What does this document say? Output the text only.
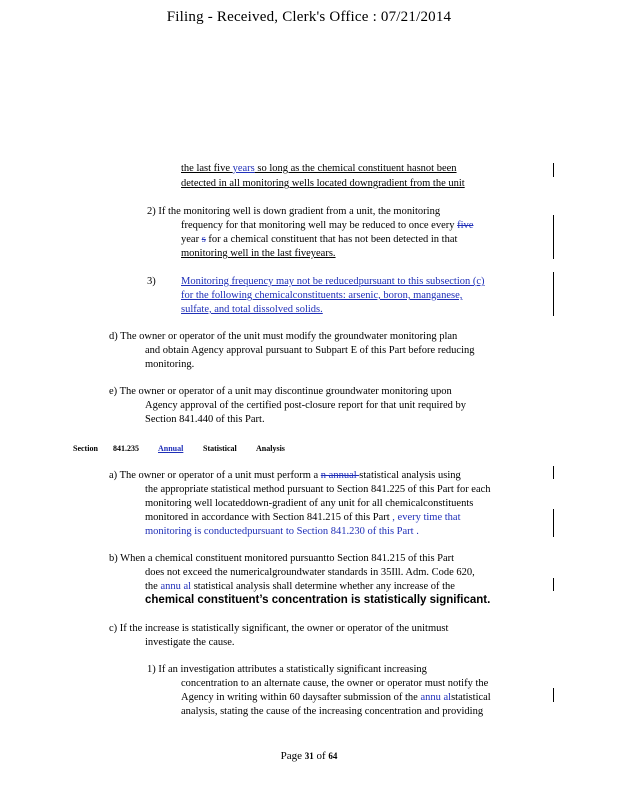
Filing - Received, Clerk's Office : 07/21/2014
the last five years so long as the chemical constituent hasnot been
detected in all monitoring wells located downgradient from the unit
2) If the monitoring well is down gradient from a unit, the monitoring
frequency for that monitoring well may be reduced to once every five
year s for a chemical constituent that has not been detected in that
monitoring well in the last fiveyears.
3) Monitoring frequency may not be reducedpursuant to this subsection (c)
for the following chemicalconstituents: arsenic, boron, manganese,
sulfate, and total dissolved solids.
d) The owner or operator of the unit must modify the groundwater monitoring plan
and obtain Agency approval pursuant to Subpart E of this Part before reducing
monitoring.
e) The owner or operator of a unit may discontinue groundwater monitoring upon
Agency approval of the certified post-closure report for that unit required by
Section 841.440 of this Part.
Section 841.235 Annual Statistical Analysis
a) The owner or operator of a unit must perform a n annual statistical analysis using
the appropriate statistical method pursuant to Section 841.225 of this Part for each
monitoring well locateddown-gradient of any unit for all chemicalconstituents
monitored in accordance with Section 841.215 of this Part , every time that
monitoring is conductedpursuant to Section 841.230 of this Part .
b) When a chemical constituent monitored pursuantto Section 841.215 of this Part
does not exceed the numericalgroundwater standards in 35Ill. Adm. Code 620,
the annu al statistical analysis shall determine whether any increase of the
chemical constituent’s concentration is statistically significant.
c) If the increase is statistically significant, the owner or operator of the unitmust
investigate the cause.
1) If an investigation attributes a statistically significant increasing
concentration to an alternate cause, the owner or operator must notify the
Agency in writing within 60 daysafter submission of the annu alstatistical
analysis, stating the cause of the increasing concentration and providing
Page 31 of 64
